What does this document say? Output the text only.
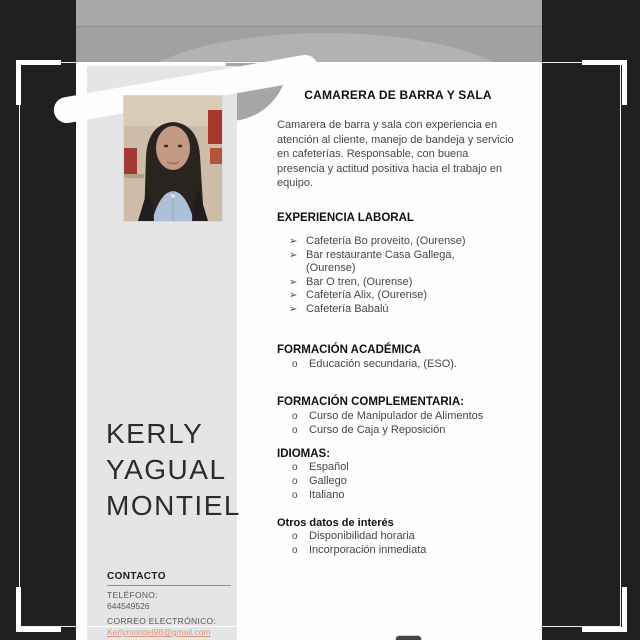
KERLY
YAGUAL
MONTIEL
CONTACTO
TELÉFONO:
644549526
CORREO ELECTRÓNICO:
Kerlymontiel98@gmail.com
CAMARERA DE BARRA Y SALA
Camarera de barra y sala con experiencia en atención al cliente, manejo de bandeja y servicio en cafeterías. Responsable, con buena presencia y actitud positiva hacia el trabajo en equipo.
EXPERIENCIA LABORAL
➢ Cafetería Bo proveito, (Ourense)
➢ Bar restaurante Casa Gallega, (Ourense)
➢ Bar O tren, (Ourense)
➢ Cafetería Alix, (Ourense)
➢ Cafetería Babalú
FORMACIÓN ACADÉMICA
o	Educación secundaria, (ESO).
FORMACIÓN COMPLEMENTARIA:
o	Curso de Manipulador de Alimentos
o	Curso de Caja y Reposición
IDIOMAS:
o	Español
o	Gallego
o	Italiano
Otros datos de interés
o	Disponibilidad horaria
o	Incorporación inmediata
